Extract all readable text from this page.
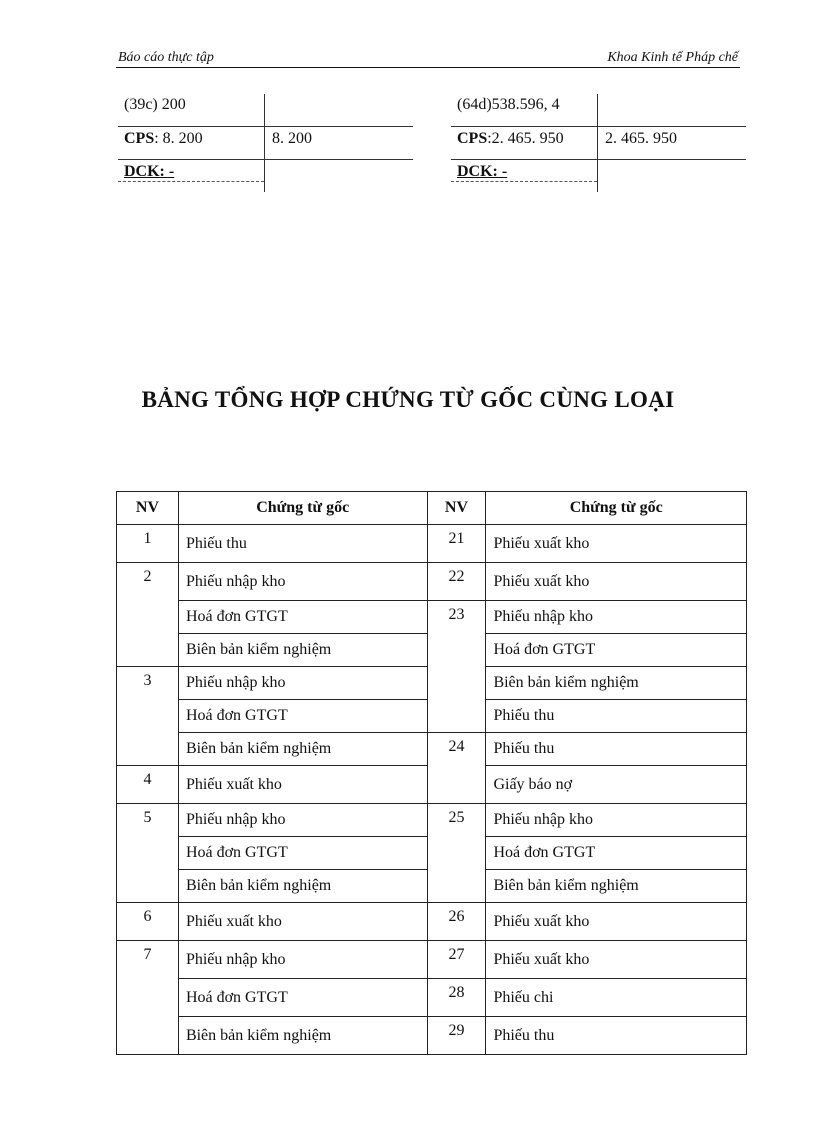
Báo cáo thực tập	Khoa Kinh tế Pháp chế
(39c) 200
CPS: 8. 200	8. 200
DCK: -
(64d)538.596, 4
CPS:2. 465. 950	2. 465. 950
DCK: -
BẢNG TỔNG HỢP CHỨNG TỪ GỐC CÙNG LOẠI
NV	Chứng từ gốc	NV	Chứng từ gốc
1	Phiếu thu	21	Phiếu xuất kho
2	Phiếu nhập kho	22	Phiếu xuất kho
	Hoá đơn GTGT	23	Phiếu nhập kho
	Biên bản kiểm nghiệm		Hoá đơn GTGT
3	Phiếu nhập kho		Biên bản kiểm nghiệm
	Hoá đơn GTGT		Phiếu thu
	Biên bản kiểm nghiệm	24	Phiếu thu
4	Phiếu xuất kho		Giấy báo nợ
5	Phiếu nhập kho	25	Phiếu nhập kho
	Hoá đơn GTGT		Hoá đơn GTGT
	Biên bản kiểm nghiệm		Biên bản kiểm nghiệm
6	Phiếu xuất kho	26	Phiếu xuất kho
7	Phiếu nhập kho	27	Phiếu xuất kho
	Hoá đơn GTGT	28	Phiếu chi
	Biên bản kiểm nghiệm	29	Phiếu thu
